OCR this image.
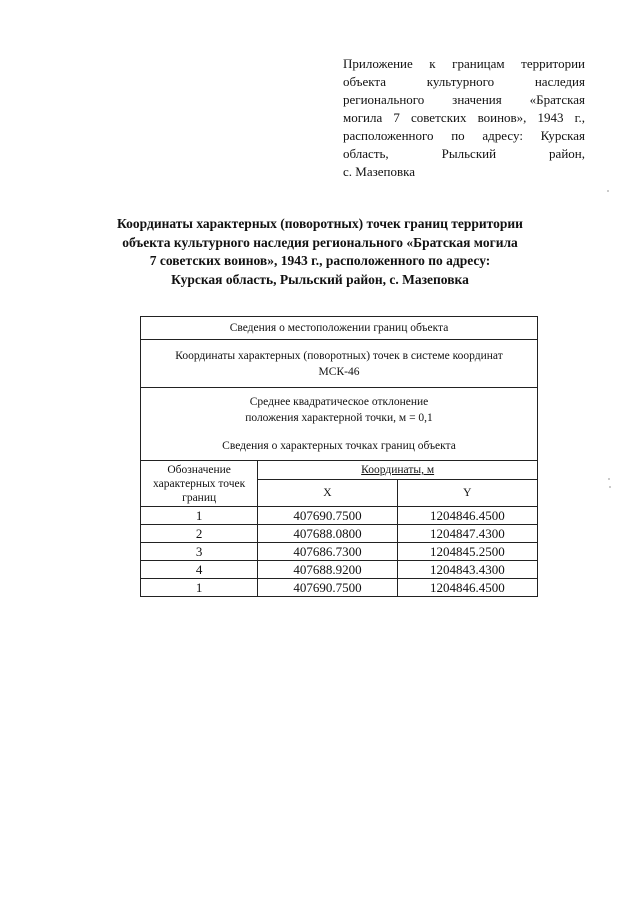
Приложение к границам территории
объекта культурного наследия
регионального значения «Братская
могила 7 советских воинов», 1943 г.,
расположенного по адресу: Курская
область, Рыльский район,
с. Мазеповка
Координаты характерных (поворотных) точек границ территории
объекта культурного наследия регионального «Братская могила
7 советских воинов», 1943 г., расположенного по адресу:
Курская область, Рыльский район, с. Мазеповка
Сведения о местоположении границ объекта		

Координаты характерных (поворотных) точек в системе координат
МСК-46		

Среднее квадратическое отклонение
положения характерной точки, м = 0,1
Сведения о характерных точках границ объекта		

Обозначение
характерных точек
границ	Координаты, м	
	X	Y
1	407690.7500	1204846.4500
2	407688.0800	1204847.4300
3	407686.7300	1204845.2500
4	407688.9200	1204843.4300
1	407690.7500	1204846.4500
